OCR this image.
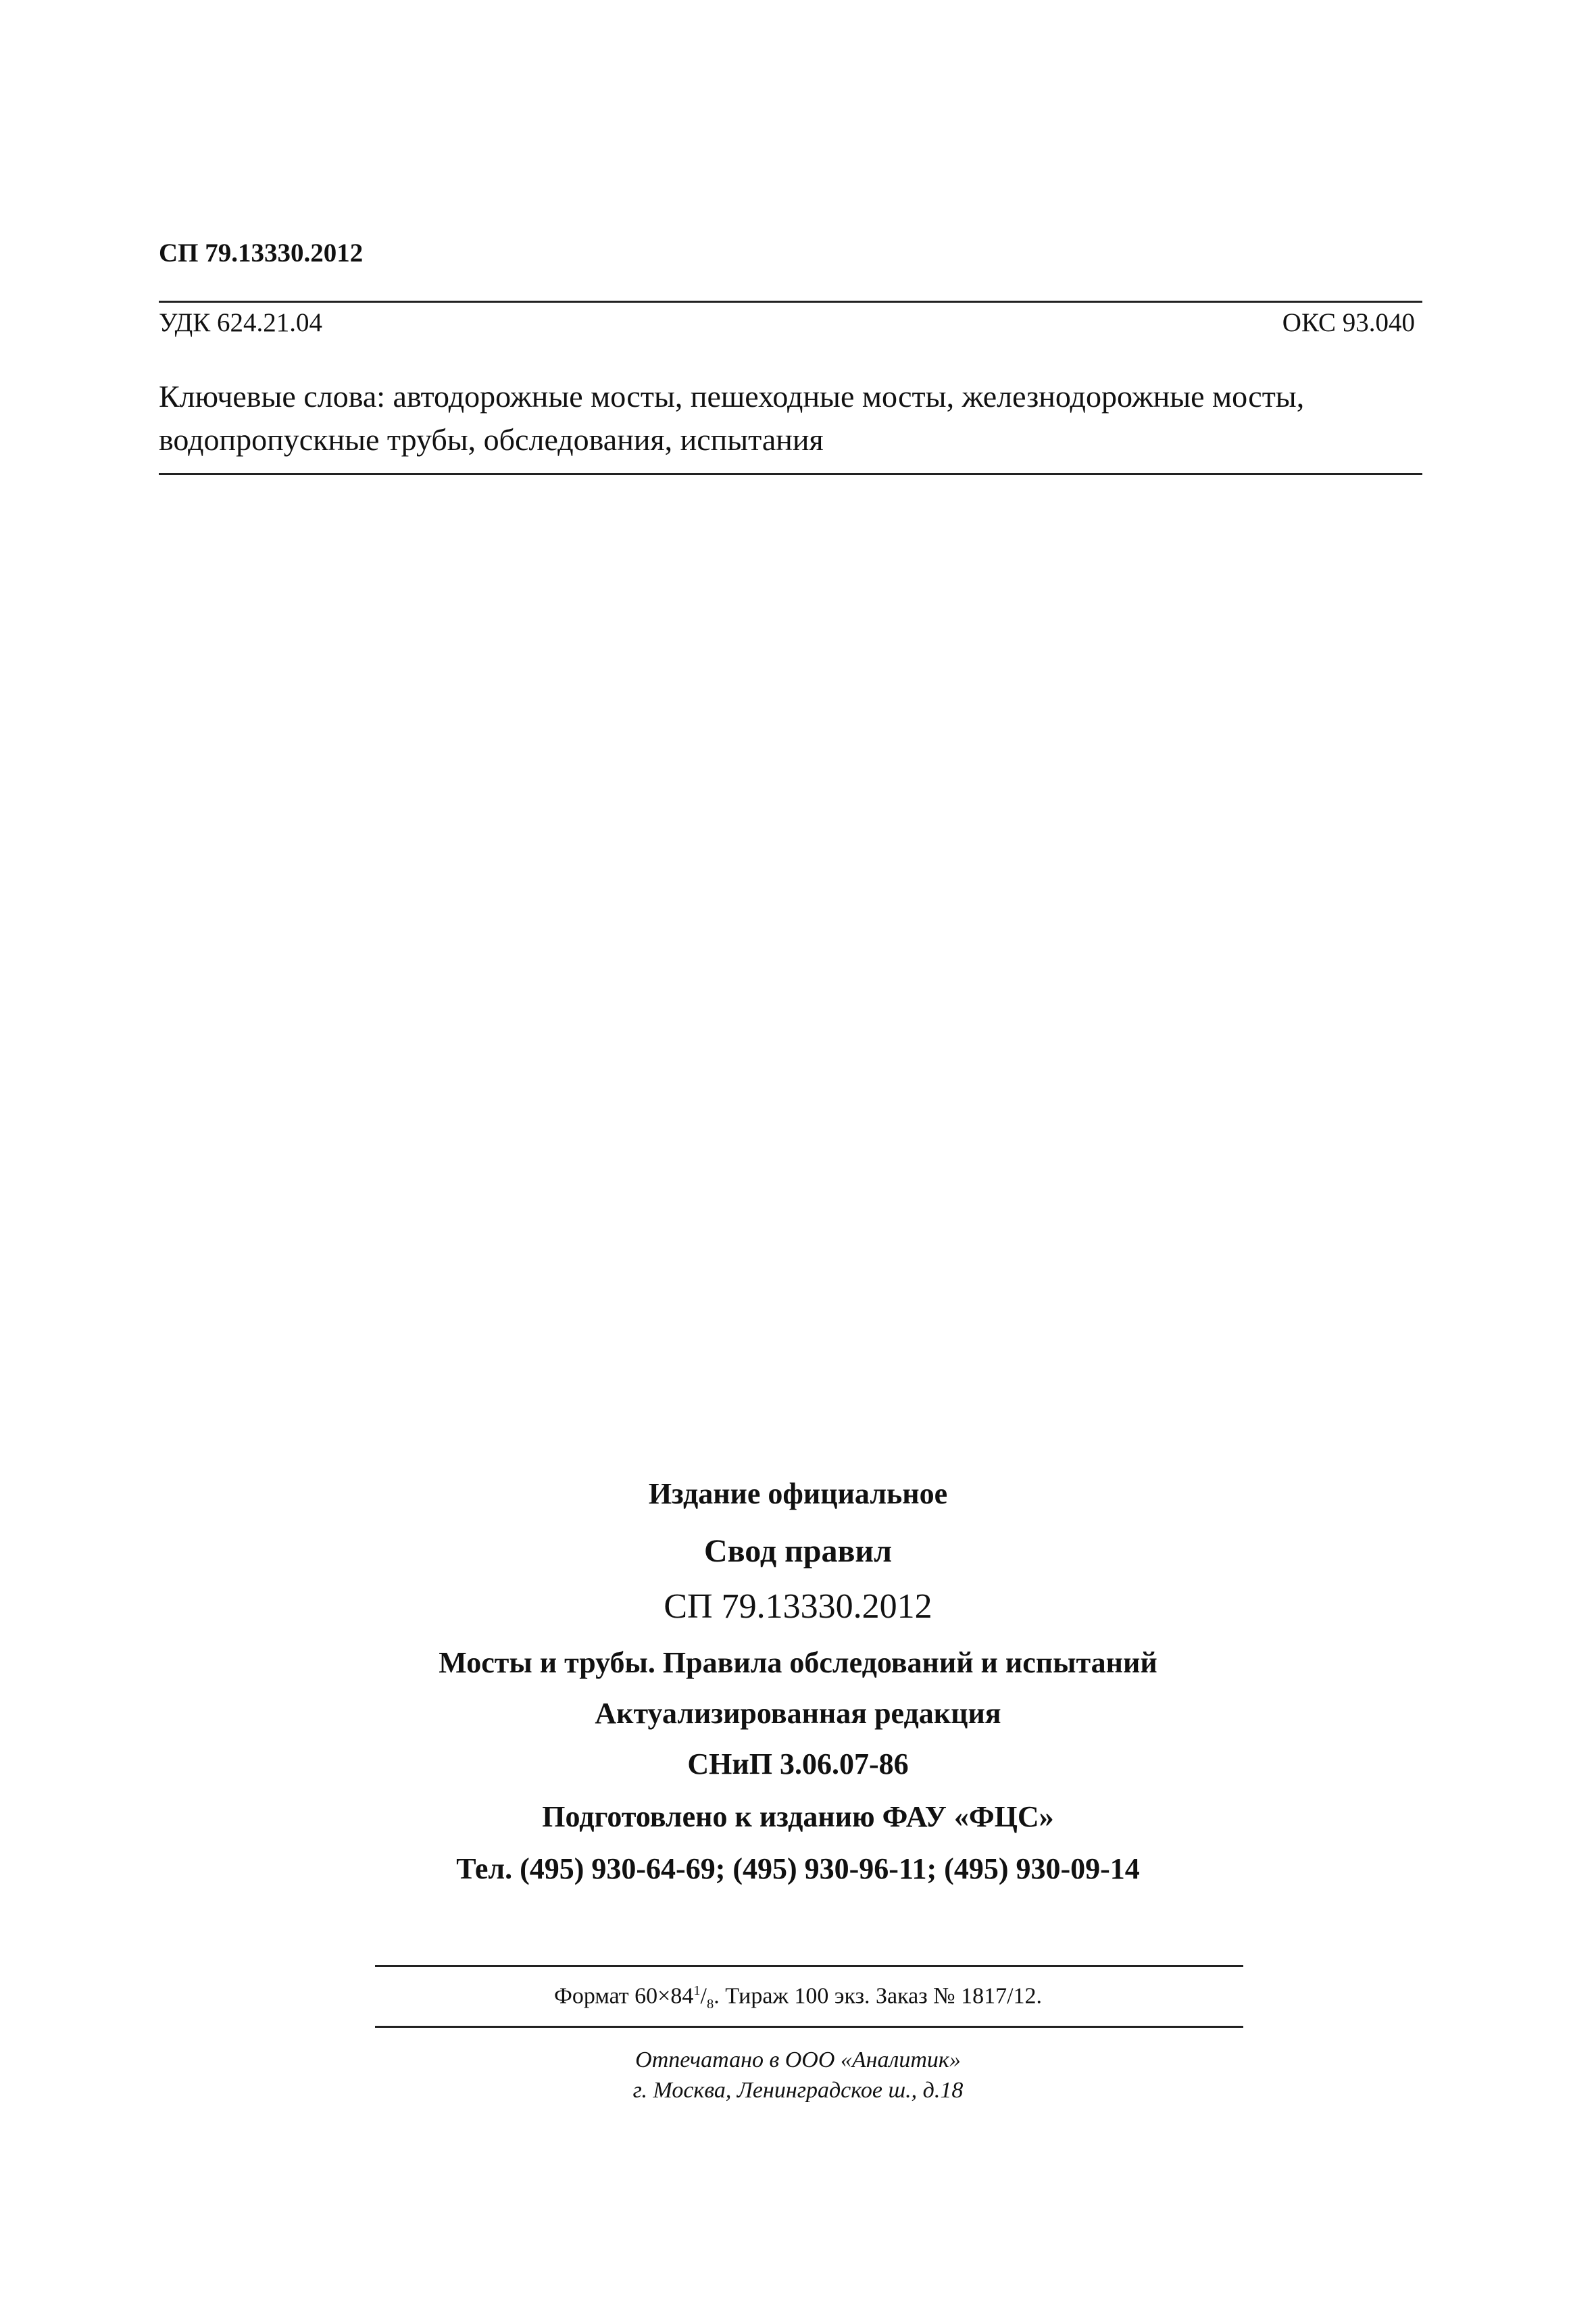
СП 79.13330.2012
УДК 624.21.04	ОКС 93.040
Ключевые слова: автодорожные мосты, пешеходные мосты, железнодорожные мосты,
водопропускные трубы, обследования, испытания
Издание официальное
Свод правил
СП 79.13330.2012
Мосты и трубы. Правила обследований и испытаний
Актуализированная редакция
СНиП 3.06.07-86
Подготовлено к изданию ФАУ «ФЦС»
Тел. (495) 930-64-69; (495) 930-96-11; (495) 930-09-14
Формат $60\times 84^1/_8$. Тираж 100 экз. Заказ № 1817/12.
Отпечатано в ООО «Аналитик»
г. Москва, Ленинградское ш., д.18
